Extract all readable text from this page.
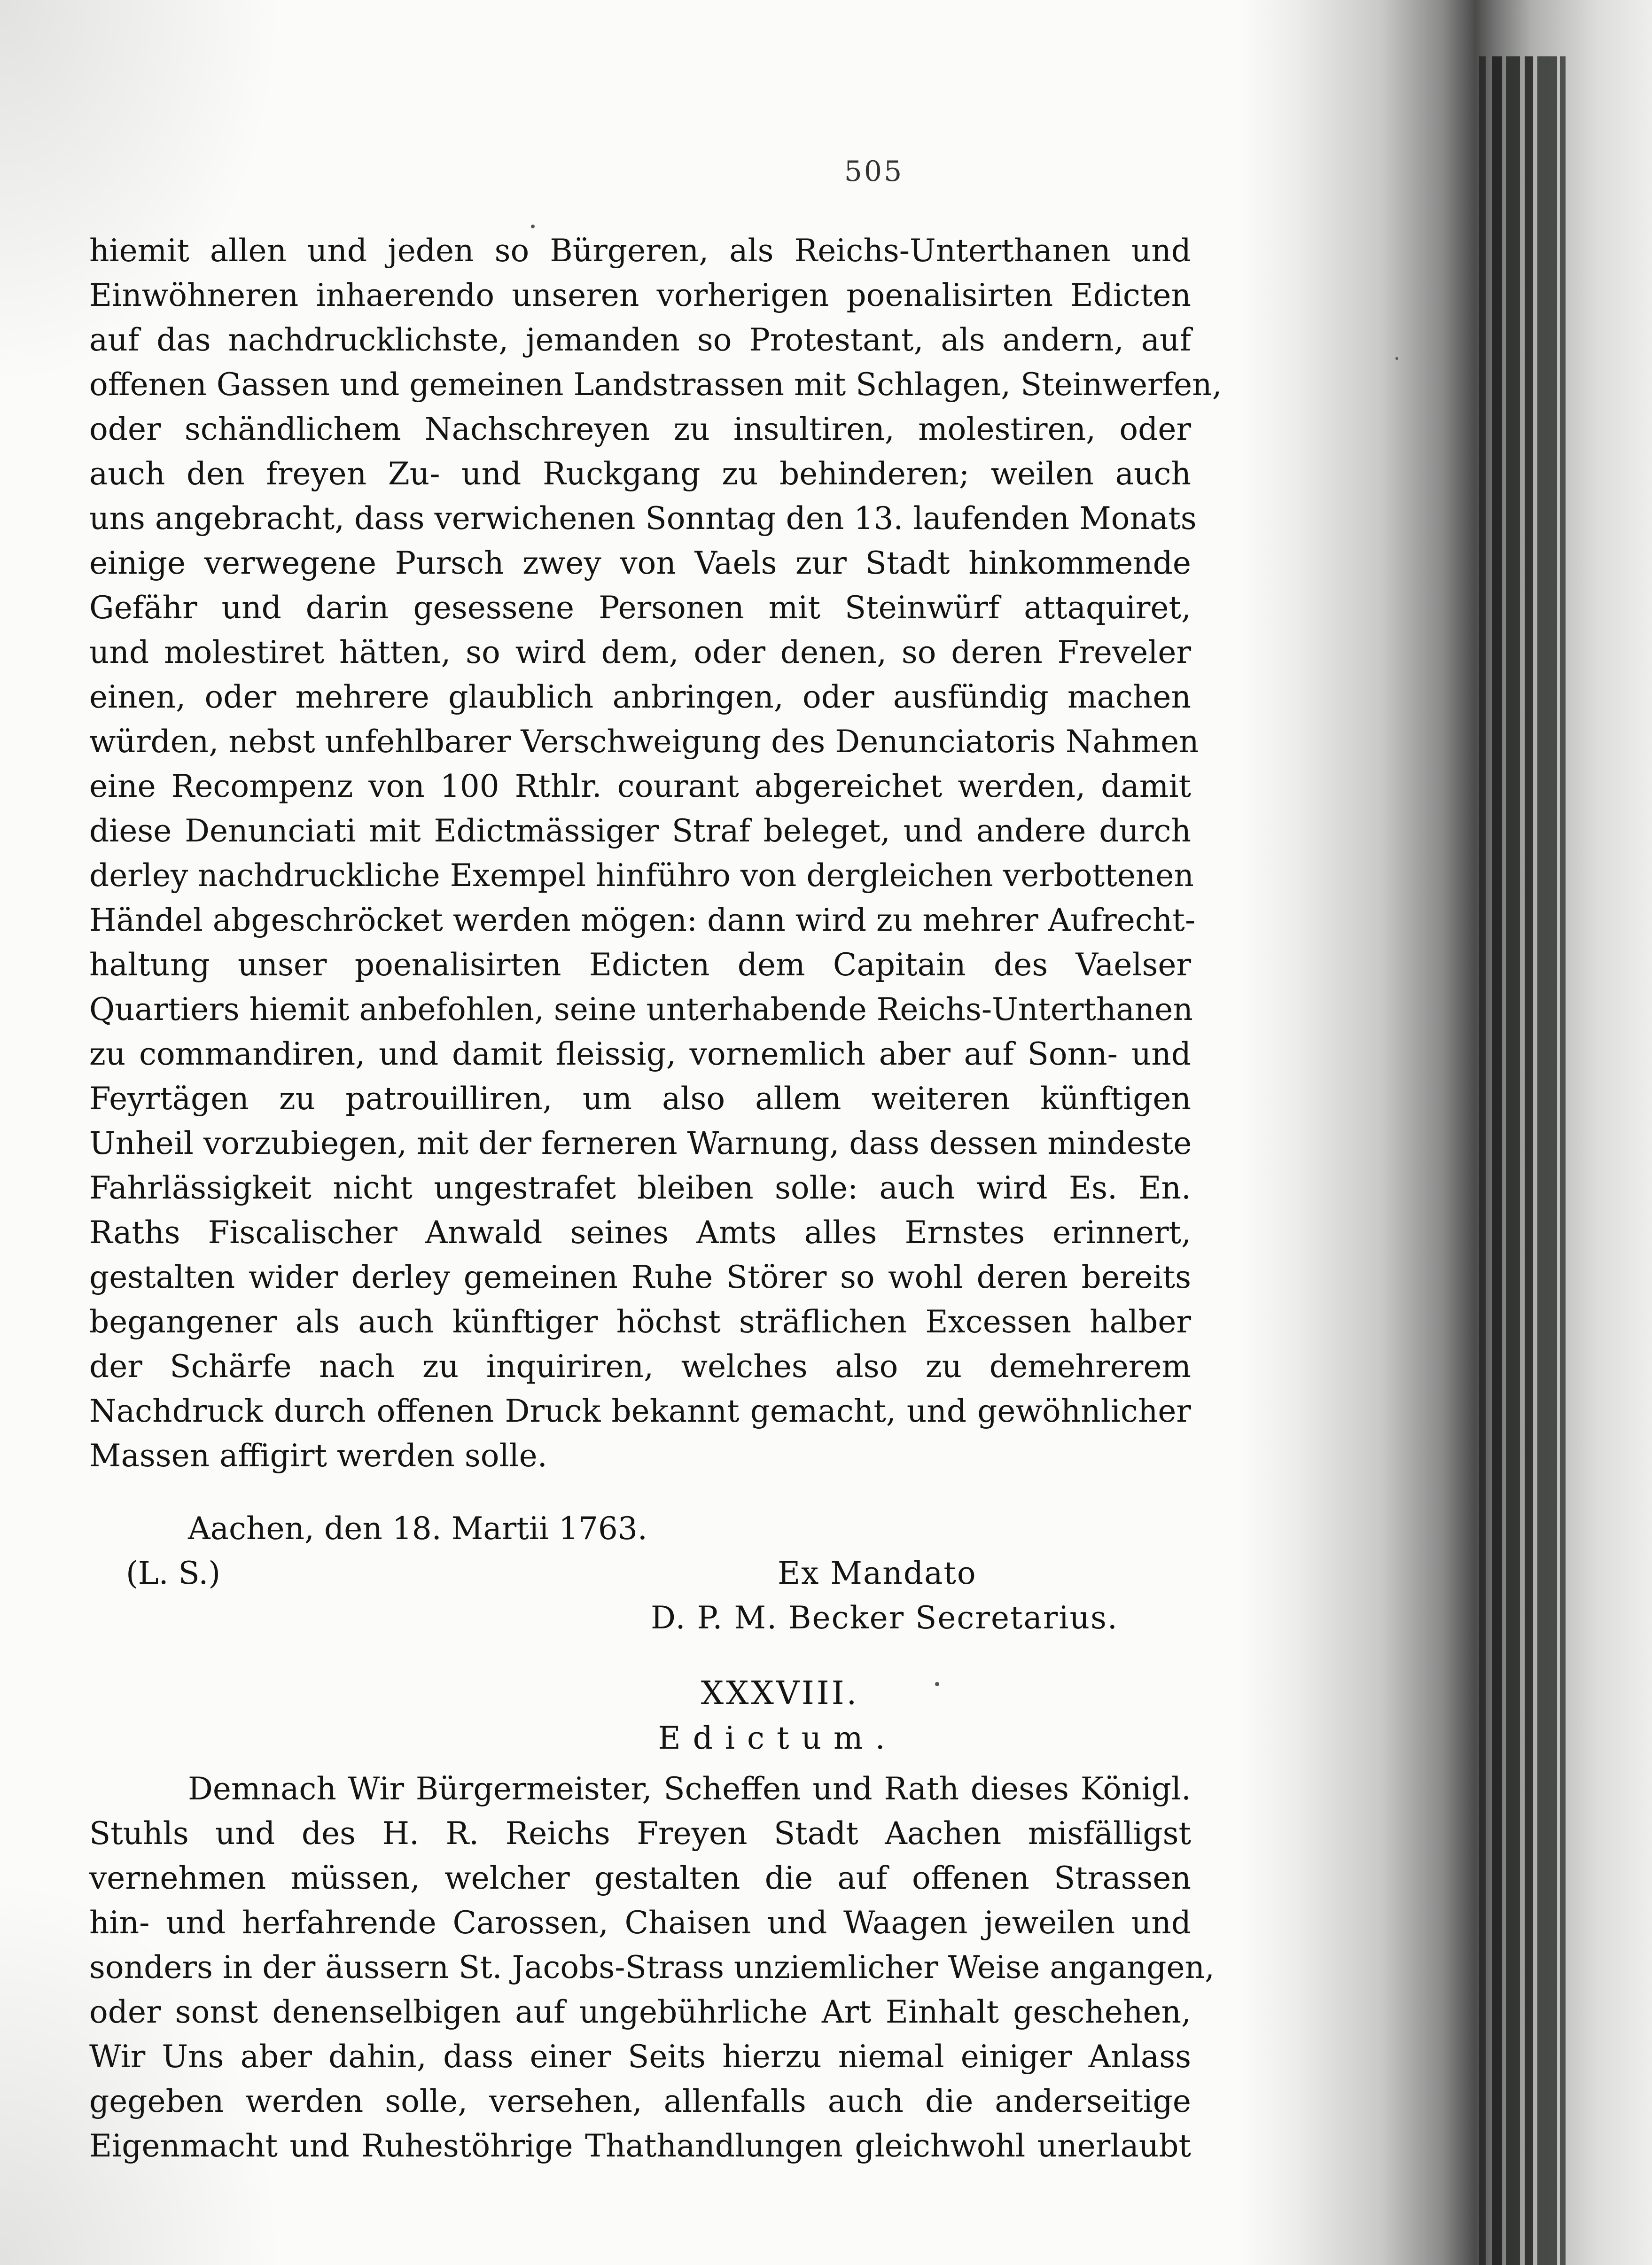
505
hiemit allen und jeden so Bürgeren, als Reichs-Unterthanen und
Einwöhneren inhaerendo unseren vorherigen poenalisirten Edicten
auf das nachdrucklichste, jemanden so Protestant, als andern, auf
offenen Gassen und gemeinen Landstrassen mit Schlagen, Steinwerfen,
oder schändlichem Nachschreyen zu insultiren, molestiren, oder
auch den freyen Zu- und Ruckgang zu behinderen; weilen auch
uns angebracht, dass verwichenen Sonntag den 13. laufenden Monats
einige verwegene Pursch zwey von Vaels zur Stadt hinkommende
Gefähr und darin gesessene Personen mit Steinwürf attaquiret,
und molestiret hätten, so wird dem, oder denen, so deren Freveler
einen, oder mehrere glaublich anbringen, oder ausfündig machen
würden, nebst unfehlbarer Verschweigung des Denunciatoris Nahmen
eine Recompenz von 100 Rthlr. courant abgereichet werden, damit
diese Denunciati mit Edictmässiger Straf beleget, und andere durch
derley nachdruckliche Exempel hinführo von dergleichen verbottenen
Händel abgeschröcket werden mögen: dann wird zu mehrer Aufrecht-
haltung unser poenalisirten Edicten dem Capitain des Vaelser
Quartiers hiemit anbefohlen, seine unterhabende Reichs-Unterthanen
zu commandiren, und damit fleissig, vornemlich aber auf Sonn- und
Feyrtägen zu patrouilliren, um also allem weiteren künftigen
Unheil vorzubiegen, mit der ferneren Warnung, dass dessen mindeste
Fahrlässigkeit nicht ungestrafet bleiben solle: auch wird Es. En.
Raths Fiscalischer Anwald seines Amts alles Ernstes erinnert,
gestalten wider derley gemeinen Ruhe Störer so wohl deren bereits
begangener als auch künftiger höchst sträflichen Excessen halber
der Schärfe nach zu inquiriren, welches also zu demehrerem
Nachdruck durch offenen Druck bekannt gemacht, und gewöhnlicher
Massen affigirt werden solle.
Aachen, den 18. Martii 1763.
(L. S.)	Ex Mandato
D. P. M. Becker Secretarius.
XXXVIII.
Edictum.
Demnach Wir Bürgermeister, Scheffen und Rath dieses Königl.
Stuhls und des H. R. Reichs Freyen Stadt Aachen misfälligst
vernehmen müssen, welcher gestalten die auf offenen Strassen
hin- und herfahrende Carossen, Chaisen und Waagen jeweilen und
sonders in der äussern St. Jacobs-Strass unziemlicher Weise angangen,
oder sonst denenselbigen auf ungebührliche Art Einhalt geschehen,
Wir Uns aber dahin, dass einer Seits hierzu niemal einiger Anlass
gegeben werden solle, versehen, allenfalls auch die anderseitige
Eigenmacht und Ruhestöhrige Thathandlungen gleichwohl unerlaubt
